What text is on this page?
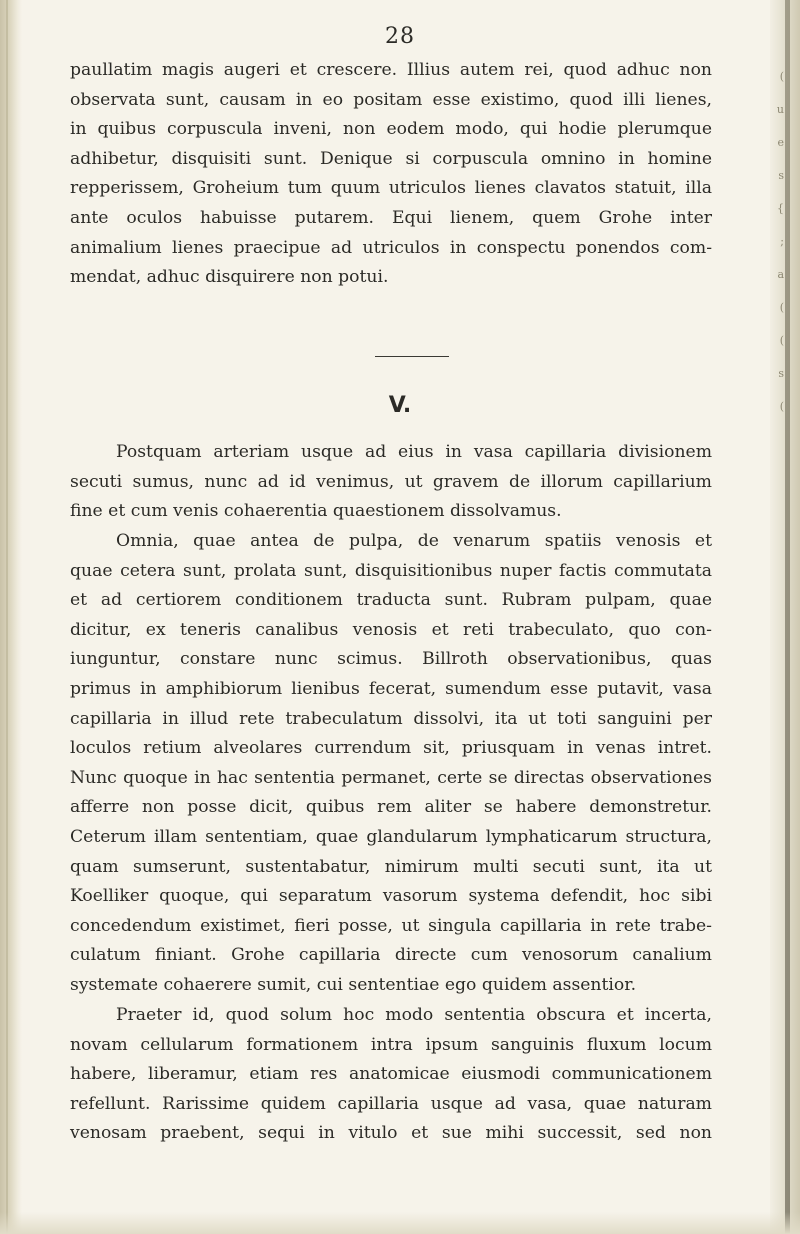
(
u
e
s
{
;
a
(
(
s
(
28
paullatim magis augeri et crescere. Illius autem rei, quod adhuc non
observata sunt, causam in eo positam esse existimo, quod illi lienes,
in quibus corpuscula inveni, non eodem modo, qui hodie plerumque
adhibetur, disquisiti sunt. Denique si corpuscula omnino in homine
repperissem, Groheium tum quum utriculos lienes clavatos statuit, illa
ante oculos habuisse putarem. Equi lienem, quem Grohe inter
animalium lienes praecipue ad utriculos in conspectu ponendos com-
mendat, adhuc disquirere non potui.
V.
Postquam arteriam usque ad eius in vasa capillaria divisionem
secuti sumus, nunc ad id venimus, ut gravem de illorum capillarium
fine et cum venis cohaerentia quaestionem dissolvamus.
Omnia, quae antea de pulpa, de venarum spatiis venosis et
quae cetera sunt, prolata sunt, disquisitionibus nuper factis commutata
et ad certiorem conditionem traducta sunt. Rubram pulpam, quae
dicitur, ex teneris canalibus venosis et reti trabeculato, quo con-
iunguntur, constare nunc scimus. Billroth observationibus, quas
primus in amphibiorum lienibus fecerat, sumendum esse putavit, vasa
capillaria in illud rete trabeculatum dissolvi, ita ut toti sanguini per
loculos retium alveolares currendum sit, priusquam in venas intret.
Nunc quoque in hac sententia permanet, certe se directas observationes
afferre non posse dicit, quibus rem aliter se habere demonstretur.
Ceterum illam sententiam, quae glandularum lymphaticarum structura,
quam sumserunt, sustentabatur, nimirum multi secuti sunt, ita ut
Koelliker quoque, qui separatum vasorum systema defendit, hoc sibi
concedendum existimet, fieri posse, ut singula capillaria in rete trabe-
culatum finiant. Grohe capillaria directe cum venosorum canalium
systemate cohaerere sumit, cui sententiae ego quidem assentior.
Praeter id, quod solum hoc modo sententia obscura et incerta,
novam cellularum formationem intra ipsum sanguinis fluxum locum
habere, liberamur, etiam res anatomicae eiusmodi communicationem
refellunt. Rarissime quidem capillaria usque ad vasa, quae naturam
venosam praebent, sequi in vitulo et sue mihi successit, sed non
